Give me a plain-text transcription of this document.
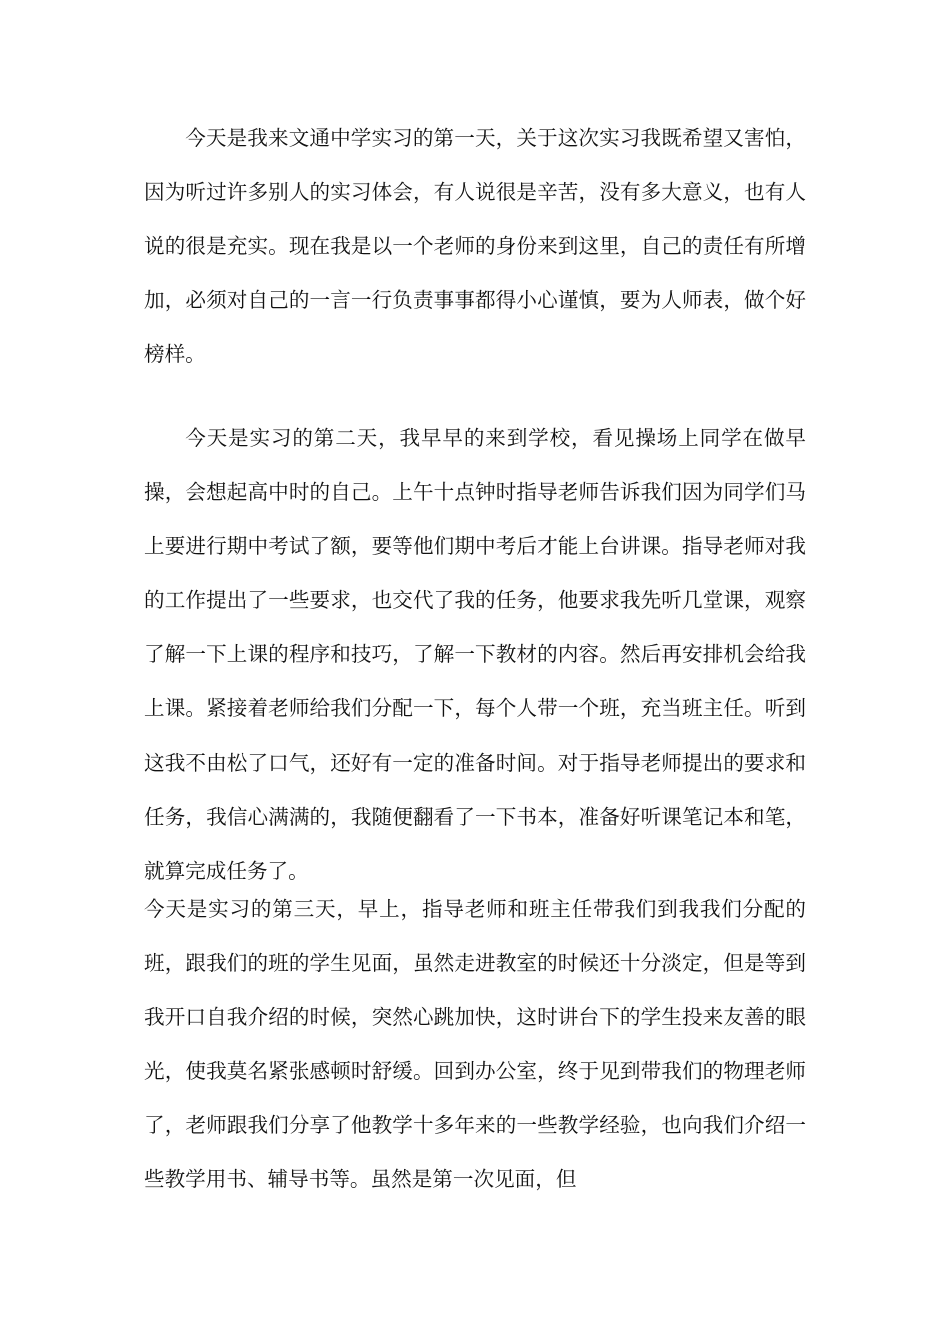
今天是我来文通中学实习的第一天，关于这次实习我既希望又害怕，因为听过许多别人的实习体会，有人说很是辛苦，没有多大意义，也有人说的很是充实。现在我是以一个老师的身份来到这里，自己的责任有所增加，必须对自己的一言一行负责事事都得小心谨慎，要为人师表，做个好榜样。

今天是实习的第二天，我早早的来到学校，看见操场上同学在做早操，会想起高中时的自己。上午十点钟时指导老师告诉我们因为同学们马上要进行期中考试了额，要等他们期中考后才能上台讲课。指导老师对我的工作提出了一些要求，也交代了我的任务，他要求我先听几堂课，观察了解一下上课的程序和技巧，了解一下教材的内容。然后再安排机会给我上课。紧接着老师给我们分配一下，每个人带一个班，充当班主任。听到这我不由松了口气，还好有一定的准备时间。对于指导老师提出的要求和任务，我信心满满的，我随便翻看了一下书本，准备好听课笔记本和笔，就算完成任务了。

今天是实习的第三天，早上，指导老师和班主任带我们到我我们分配的班，跟我们的班的学生见面，虽然走进教室的时候还十分淡定，但是等到我开口自我介绍的时候，突然心跳加快，这时讲台下的学生投来友善的眼光，使我莫名紧张感顿时舒缓。回到办公室，终于见到带我们的物理老师了，老师跟我们分享了他教学十多年来的一些教学经验，也向我们介绍一些教学用书、辅导书等。虽然是第一次见面，但
